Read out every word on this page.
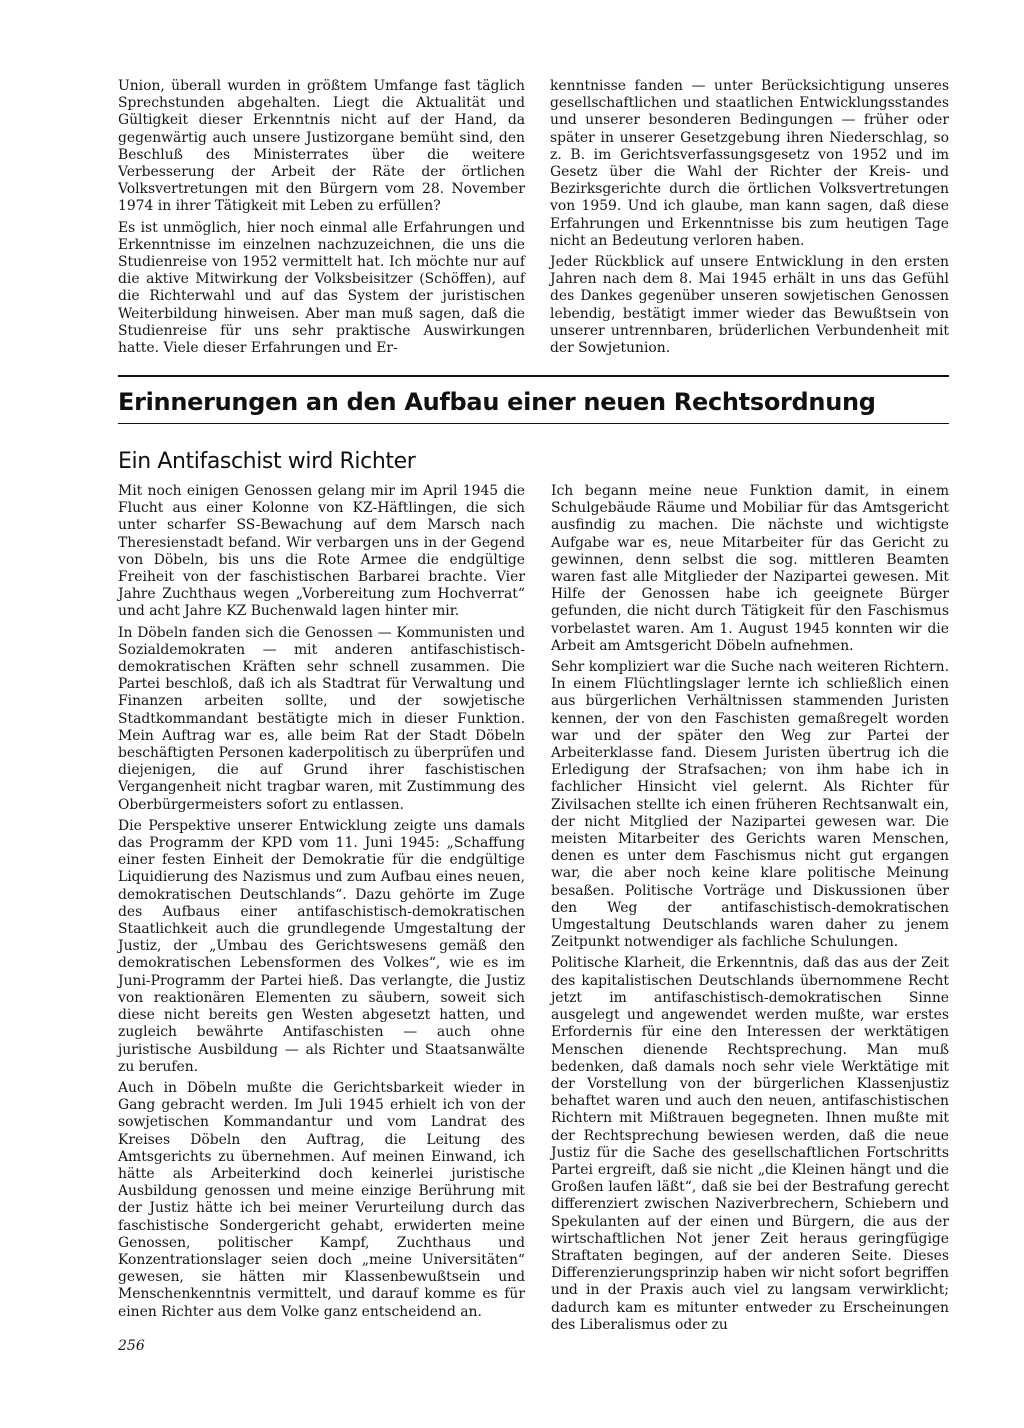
Union, überall wurden in größtem Umfange fast täglich Sprechstunden abgehalten. Liegt die Aktualität und Gültigkeit dieser Erkenntnis nicht auf der Hand, da gegenwärtig auch unsere Justizorgane bemüht sind, den Beschluß des Ministerrates über die weitere Verbesserung der Arbeit der Räte der örtlichen Volksvertretungen mit den Bürgern vom 28. November 1974 in ihrer Tätigkeit mit Leben zu erfüllen?

Es ist unmöglich, hier noch einmal alle Erfahrungen und Erkenntnisse im einzelnen nachzuzeichnen, die uns die Studienreise von 1952 vermittelt hat. Ich möchte nur auf die aktive Mitwirkung der Volksbeisitzer (Schöffen), auf die Richterwahl und auf das System der juristischen Weiterbildung hinweisen. Aber man muß sagen, daß die Studienreise für uns sehr praktische Auswirkungen hatte. Viele dieser Erfahrungen und Er-

kenntnisse fanden — unter Berücksichtigung unseres gesellschaftlichen und staatlichen Entwicklungsstandes und unserer besonderen Bedingungen — früher oder später in unserer Gesetzgebung ihren Niederschlag, so z. B. im Gerichtsverfassungsgesetz von 1952 und im Gesetz über die Wahl der Richter der Kreis- und Bezirksgerichte durch die örtlichen Volksvertretungen von 1959. Und ich glaube, man kann sagen, daß diese Erfahrungen und Erkenntnisse bis zum heutigen Tage nicht an Bedeutung verloren haben.

Jeder Rückblick auf unsere Entwicklung in den ersten Jahren nach dem 8. Mai 1945 erhält in uns das Gefühl des Dankes gegenüber unseren sowjetischen Genossen lebendig, bestätigt immer wieder das Bewußtsein von unserer untrennbaren, brüderlichen Verbundenheit mit der Sowjetunion.

Erinnerungen an den Aufbau einer neuen Rechtsordnung
Ein Antifaschist wird Richter

Mit noch einigen Genossen gelang mir im April 1945 die Flucht aus einer Kolonne von KZ-Häftlingen, die sich unter scharfer SS-Bewachung auf dem Marsch nach Theresienstadt befand. Wir verbargen uns in der Gegend von Döbeln, bis uns die Rote Armee die endgültige Freiheit von der faschistischen Barbarei brachte. Vier Jahre Zuchthaus wegen „Vorbereitung zum Hochverrat“ und acht Jahre KZ Buchenwald lagen hinter mir.

In Döbeln fanden sich die Genossen — Kommunisten und Sozialdemokraten — mit anderen antifaschistisch-demokratischen Kräften sehr schnell zusammen. Die Partei beschloß, daß ich als Stadtrat für Verwaltung und Finanzen arbeiten sollte, und der sowjetische Stadtkommandant bestätigte mich in dieser Funktion. Mein Auftrag war es, alle beim Rat der Stadt Döbeln beschäftigten Personen kaderpolitisch zu überprüfen und diejenigen, die auf Grund ihrer faschistischen Vergangenheit nicht tragbar waren, mit Zustimmung des Oberbürgermeisters sofort zu entlassen.

Die Perspektive unserer Entwicklung zeigte uns damals das Programm der KPD vom 11. Juni 1945: „Schaffung einer festen Einheit der Demokratie für die endgültige Liquidierung des Nazismus und zum Aufbau eines neuen, demokratischen Deutschlands“. Dazu gehörte im Zuge des Aufbaus einer antifaschistisch-demokratischen Staatlichkeit auch die grundlegende Umgestaltung der Justiz, der „Umbau des Gerichtswesens gemäß den demokratischen Lebensformen des Volkes“, wie es im Juni-Programm der Partei hieß. Das verlangte, die Justiz von reaktionären Elementen zu säubern, soweit sich diese nicht bereits gen Westen abgesetzt hatten, und zugleich bewährte Antifaschisten — auch ohne juristische Ausbildung — als Richter und Staatsanwälte zu berufen.

Auch in Döbeln mußte die Gerichtsbarkeit wieder in Gang gebracht werden. Im Juli 1945 erhielt ich von der sowjetischen Kommandantur und vom Landrat des Kreises Döbeln den Auftrag, die Leitung des Amtsgerichts zu übernehmen. Auf meinen Einwand, ich hätte als Arbeiterkind doch keinerlei juristische Ausbildung genossen und meine einzige Berührung mit der Justiz hätte ich bei meiner Verurteilung durch das faschistische Sondergericht gehabt, erwiderten meine Genossen, politischer Kampf, Zuchthaus und Konzentrationslager seien doch „meine Universitäten“ gewesen, sie hätten mir Klassenbewußtsein und Menschenkenntnis vermittelt, und darauf komme es für einen Richter aus dem Volke ganz entscheidend an.

Ich begann meine neue Funktion damit, in einem Schulgebäude Räume und Mobiliar für das Amtsgericht ausfindig zu machen. Die nächste und wichtigste Aufgabe war es, neue Mitarbeiter für das Gericht zu gewinnen, denn selbst die sog. mittleren Beamten waren fast alle Mitglieder der Nazipartei gewesen. Mit Hilfe der Genossen habe ich geeignete Bürger gefunden, die nicht durch Tätigkeit für den Faschismus vorbelastet waren. Am 1. August 1945 konnten wir die Arbeit am Amtsgericht Döbeln aufnehmen.

Sehr kompliziert war die Suche nach weiteren Richtern. In einem Flüchtlingslager lernte ich schließlich einen aus bürgerlichen Verhältnissen stammenden Juristen kennen, der von den Faschisten gemaßregelt worden war und der später den Weg zur Partei der Arbeiterklasse fand. Diesem Juristen übertrug ich die Erledigung der Strafsachen; von ihm habe ich in fachlicher Hinsicht viel gelernt. Als Richter für Zivilsachen stellte ich einen früheren Rechtsanwalt ein, der nicht Mitglied der Nazipartei gewesen war. Die meisten Mitarbeiter des Gerichts waren Menschen, denen es unter dem Faschismus nicht gut ergangen war, die aber noch keine klare politische Meinung besaßen. Politische Vorträge und Diskussionen über den Weg der antifaschistisch-demokratischen Umgestaltung Deutschlands waren daher zu jenem Zeitpunkt notwendiger als fachliche Schulungen.

Politische Klarheit, die Erkenntnis, daß das aus der Zeit des kapitalistischen Deutschlands übernommene Recht jetzt im antifaschistisch-demokratischen Sinne ausgelegt und angewendet werden mußte, war erstes Erfordernis für eine den Interessen der werktätigen Menschen dienende Rechtsprechung. Man muß bedenken, daß damals noch sehr viele Werktätige mit der Vorstellung von der bürgerlichen Klassenjustiz behaftet waren und auch den neuen, antifaschistischen Richtern mit Mißtrauen begegneten. Ihnen mußte mit der Rechtsprechung bewiesen werden, daß die neue Justiz für die Sache des gesellschaftlichen Fortschritts Partei ergreift, daß sie nicht „die Kleinen hängt und die Großen laufen läßt“, daß sie bei der Bestrafung gerecht differenziert zwischen Naziverbrechern, Schiebern und Spekulanten auf der einen und Bürgern, die aus der wirtschaftlichen Not jener Zeit heraus geringfügige Straftaten begingen, auf der anderen Seite. Dieses Differenzierungsprinzip haben wir nicht sofort begriffen und in der Praxis auch viel zu langsam verwirklicht; dadurch kam es mitunter entweder zu Erscheinungen des Liberalismus oder zu

256
